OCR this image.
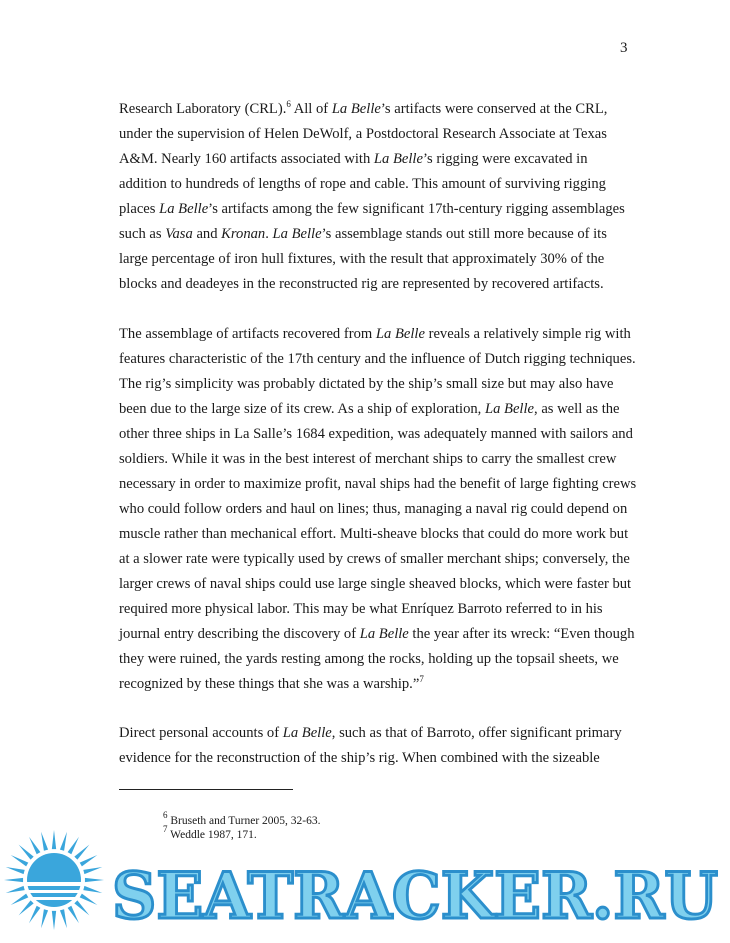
3
Research Laboratory (CRL).$^6$ All of La Belle’s artifacts were conserved at the CRL,
under the supervision of Helen DeWolf, a Postdoctoral Research Associate at Texas
A&M. Nearly 160 artifacts associated with La Belle’s rigging were excavated in
addition to hundreds of lengths of rope and cable. This amount of surviving rigging
places La Belle’s artifacts among the few significant 17th-century rigging assemblages
such as Vasa and Kronan. La Belle’s assemblage stands out still more because of its
large percentage of iron hull fixtures, with the result that approximately 30% of the
blocks and deadeyes in the reconstructed rig are represented by recovered artifacts.
The assemblage of artifacts recovered from La Belle reveals a relatively simple rig with
features characteristic of the 17th century and the influence of Dutch rigging techniques.
The rig’s simplicity was probably dictated by the ship’s small size but may also have
been due to the large size of its crew. As a ship of exploration, La Belle, as well as the
other three ships in La Salle’s 1684 expedition, was adequately manned with sailors and
soldiers. While it was in the best interest of merchant ships to carry the smallest crew
necessary in order to maximize profit, naval ships had the benefit of large fighting crews
who could follow orders and haul on lines; thus, managing a naval rig could depend on
muscle rather than mechanical effort. Multi-sheave blocks that could do more work but
at a slower rate were typically used by crews of smaller merchant ships; conversely, the
larger crews of naval ships could use large single sheaved blocks, which were faster but
required more physical labor. This may be what Enríquez Barroto referred to in his
journal entry describing the discovery of La Belle the year after its wreck: “Even though
they were ruined, the yards resting among the rocks, holding up the topsail sheets, we
recognized by these things that she was a warship.”$^7$
Direct personal accounts of La Belle, such as that of Barroto, offer significant primary
evidence for the reconstruction of the ship’s rig. When combined with the sizeable
$^6$ Bruseth and Turner 2005, 32-63.
$^7$ Weddle 1987, 171.
SEATRACKER.RU
